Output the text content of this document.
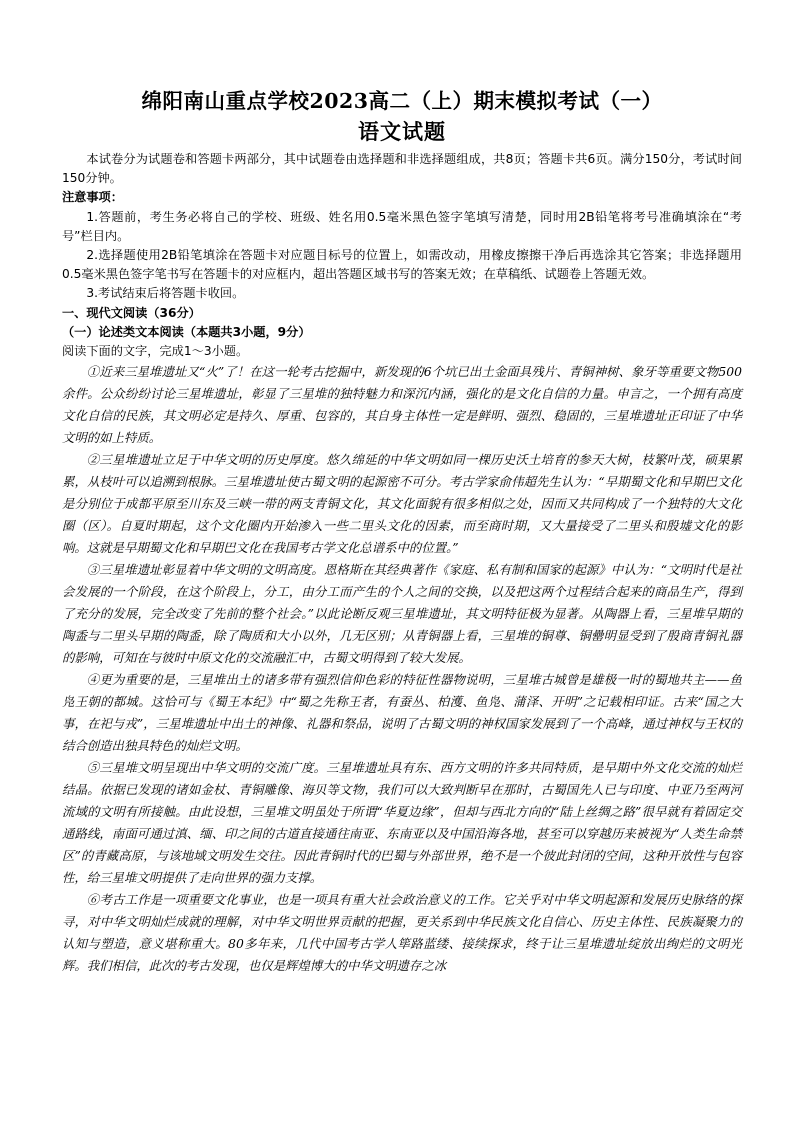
绵阳南山重点学校2023高二（上）期末模拟考试（一）
语文试题

本试卷分为试题卷和答题卡两部分，其中试题卷由选择题和非选择题组成，共8页；答题卡共6页。满分150分，考试时间150分钟。

注意事项：

1.答题前，考生务必将自己的学校、班级、姓名用0.5毫米黑色签字笔填写清楚，同时用2B铅笔将考号准确填涂在“考号”栏目内。

2.选择题使用2B铅笔填涂在答题卡对应题目标号的位置上，如需改动，用橡皮擦擦干净后再选涂其它答案；非选择题用0.5毫米黑色签字笔书写在答题卡的对应框内，超出答题区域书写的答案无效；在草稿纸、试题卷上答题无效。

3.考试结束后将答题卡收回。

一、现代文阅读（36分）

（一）论述类文本阅读（本题共3小题，9分）

阅读下面的文字，完成1～3小题。

①近来三星堆遗址又“火”了！在这一轮考古挖掘中，新发现的6个坑已出土金面具残片、青铜神树、象牙等重要文物500余件。公众纷纷讨论三星堆遗址，彰显了三星堆的独特魅力和深沉内涵，强化的是文化自信的力量。申言之，一个拥有高度文化自信的民族，其文明必定是持久、厚重、包容的，其自身主体性一定是鲜明、强烈、稳固的，三星堆遗址正印证了中华文明的如上特质。

②三星堆遗址立足于中华文明的历史厚度。悠久绵延的中华文明如同一棵历史沃土培育的参天大树，枝繁叶茂，硕果累累，从枝叶可以追溯到根脉。三星堆遗址使古蜀文明的起源密不可分。考古学家俞伟超先生认为：“早期蜀文化和早期巴文化是分别位于成都平原至川东及三峡一带的两支青铜文化，其文化面貌有很多相似之处，因而又共同构成了一个独特的大文化圈（区）。自夏时期起，这个文化圈内开始渗入一些二里头文化的因素，而至商时期，又大量接受了二里头和殷墟文化的影响。这就是早期蜀文化和早期巴文化在我国考古学文化总谱系中的位置。”

③三星堆遗址彰显着中华文明的文明高度。恩格斯在其经典著作《家庭、私有制和国家的起源》中认为：“文明时代是社会发展的一个阶段，在这个阶段上，分工，由分工而产生的个人之间的交换，以及把这两个过程结合起来的商品生产，得到了充分的发展，完全改变了先前的整个社会。”以此论断反观三星堆遗址，其文明特征极为显著。从陶器上看，三星堆早期的陶盉与二里头早期的陶盉，除了陶质和大小以外，几无区别；从青铜器上看，三星堆的铜尊、铜罍明显受到了殷商青铜礼器的影响，可知在与彼时中原文化的交流融汇中，古蜀文明得到了较大发展。

④更为重要的是，三星堆出土的诸多带有强烈信仰色彩的特征性器物说明，三星堆古城曾是雄极一时的蜀地共主——鱼凫王朝的都城。这恰可与《蜀王本纪》中“蜀之先称王者，有蚕丛、柏濩、鱼凫、蒲泽、开明”之记载相印证。古来“国之大事，在祀与戎”，三星堆遗址中出土的神像、礼器和祭品，说明了古蜀文明的神权国家发展到了一个高峰，通过神权与王权的结合创造出独具特色的灿烂文明。

⑤三星堆文明呈现出中华文明的交流广度。三星堆遗址具有东、西方文明的许多共同特质，是早期中外文化交流的灿烂结晶。依据已发现的诸如金杖、青铜雕像、海贝等文物，我们可以大致判断早在那时，古蜀国先人已与印度、中亚乃至两河流域的文明有所接触。由此设想，三星堆文明虽处于所谓“华夏边缘”，但却与西北方向的“陆上丝绸之路”很早就有着固定交通路线，南面可通过滇、缅、印之间的古道直接通往南亚、东南亚以及中国沿海各地，甚至可以穿越历来被视为“人类生命禁区”的青藏高原，与该地域文明发生交往。因此青铜时代的巴蜀与外部世界，绝不是一个彼此封闭的空间，这种开放性与包容性，给三星堆文明提供了走向世界的强力支撑。

⑥考古工作是一项重要文化事业，也是一项具有重大社会政治意义的工作。它关乎对中华文明起源和发展历史脉络的探寻，对中华文明灿烂成就的理解，对中华文明世界贡献的把握，更关系到中华民族文化自信心、历史主体性、民族凝聚力的认知与塑造，意义堪称重大。80多年来，几代中国考古学人筚路蓝缕、接续探求，终于让三星堆遗址绽放出绚烂的文明光辉。我们相信，此次的考古发现，也仅是辉煌博大的中华文明遗存之冰
